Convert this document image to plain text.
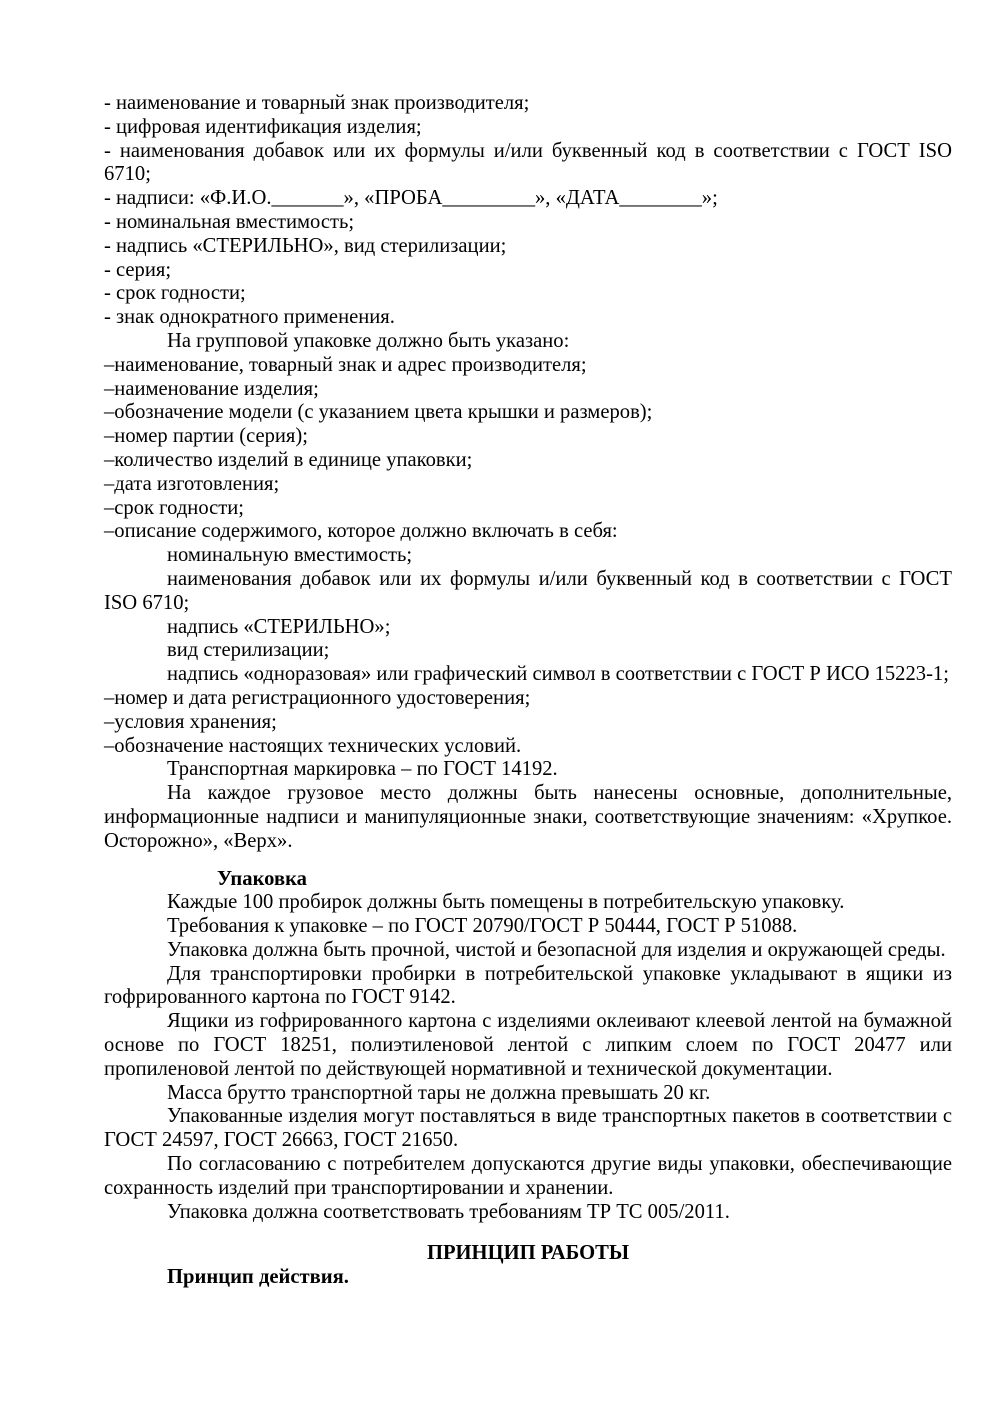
- наименование и товарный знак производителя;
- цифровая идентификация изделия;
- наименования добавок или их формулы и/или буквенный код в соответствии с ГОСТ ISO 6710;
- надписи: «Ф.И.О._______», «ПРОБА_________», «ДАТА________»;
- номинальная вместимость;
- надпись «СТЕРИЛЬНО», вид стерилизации;
- серия;
- срок годности;
- знак однократного применения.
На групповой упаковке должно быть указано:
–наименование, товарный знак и адрес производителя;
–наименование изделия;
–обозначение модели (с указанием цвета крышки и размеров);
–номер партии (серия);
–количество изделий в единице упаковки;
–дата изготовления;
–срок годности;
–описание содержимого, которое должно включать в себя:
номинальную вместимость;
наименования добавок или их формулы и/или буквенный код в соответствии с ГОСТ ISO 6710;
надпись «СТЕРИЛЬНО»;
вид стерилизации;
надпись «одноразовая» или графический символ в соответствии с ГОСТ Р ИСО 15223-1;
–номер и дата регистрационного удостоверения;
–условия хранения;
–обозначение настоящих технических условий.
Транспортная маркировка – по ГОСТ 14192.
На каждое грузовое место должны быть нанесены основные, дополнительные, информационные надписи и манипуляционные знаки, соответствующие значениям: «Хрупкое. Осторожно», «Верх».
Упаковка
Каждые 100 пробирок должны быть помещены в потребительскую упаковку.
Требования к упаковке – по ГОСТ 20790/ГОСТ Р 50444, ГОСТ Р 51088.
Упаковка должна быть прочной, чистой и безопасной для изделия и окружающей среды.
Для транспортировки пробирки в потребительской упаковке укладывают в ящики из гофрированного картона по ГОСТ 9142.
Ящики из гофрированного картона с изделиями оклеивают клеевой лентой на бумажной основе по ГОСТ 18251, полиэтиленовой лентой с липким слоем по ГОСТ 20477 или пропиленовой лентой по действующей нормативной и технической документации.
Масса брутто транспортной тары не должна превышать 20 кг.
Упакованные изделия могут поставляться в виде транспортных пакетов в соответствии с ГОСТ 24597, ГОСТ 26663, ГОСТ 21650.
По согласованию с потребителем допускаются другие виды упаковки, обеспечивающие сохранность изделий при транспортировании и хранении.
Упаковка должна соответствовать требованиям ТР ТС 005/2011.
ПРИНЦИП РАБОТЫ
Принцип действия.
